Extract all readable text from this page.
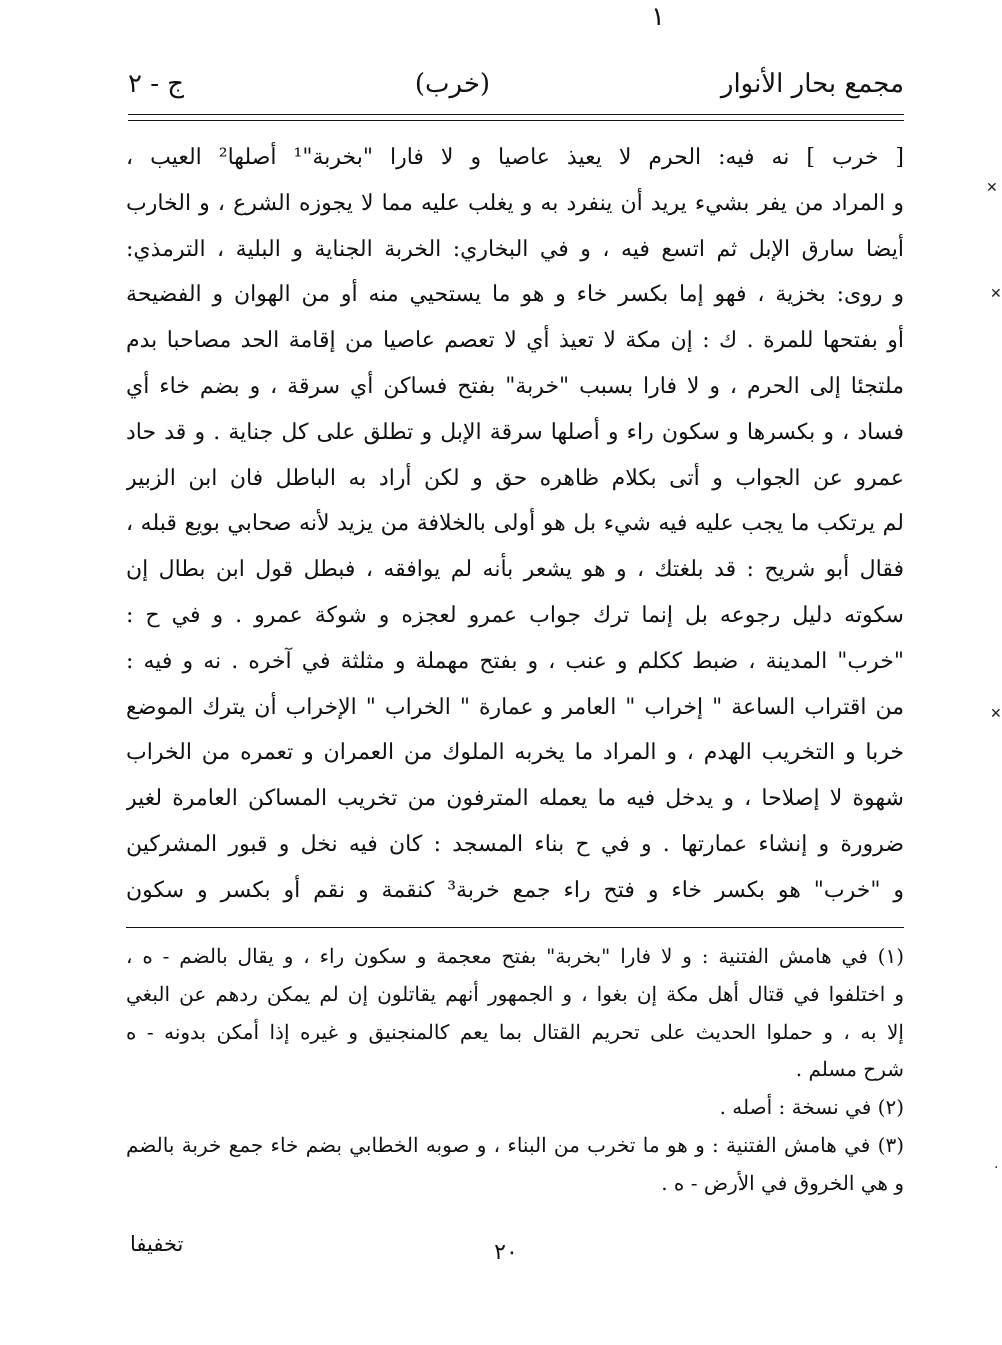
١
مجمع بحار الأنوار
(خرب)
ج - ٢
[ خرب ] نه فيه: الحرم لا يعيذ عاصيا و لا فارا "بخربة"¹ أصلها² العيب ،
و المراد من يفر بشيء يريد أن ينفرد به و يغلب عليه مما لا يجوزه الشرع ، و الخارب
أيضا سارق الإبل ثم اتسع فيه ، و في البخاري: الخربة الجناية و البلية ، الترمذي:
و روى: بخزية ، فهو إما بكسر خاء و هو ما يستحيي منه أو من الهوان و الفضيحة
أو بفتحها للمرة . ك : إن مكة لا تعيذ أي لا تعصم عاصيا من إقامة الحد مصاحبا بدم
ملتجئا إلى الحرم ، و لا فارا بسبب "خربة" بفتح فساكن أي سرقة ، و بضم خاء أي
فساد ، و بكسرها و سكون راء و أصلها سرقة الإبل و تطلق على كل جناية . و قد حاد
عمرو عن الجواب و أتى بكلام ظاهره حق و لكن أراد به الباطل فان ابن الزبير
لم يرتكب ما يجب عليه فيه شيء بل هو أولى بالخلافة من يزيد لأنه صحابي بويع قبله ،
فقال أبو شريح : قد بلغتك ، و هو يشعر بأنه لم يوافقه ، فبطل قول ابن بطال إن
سكوته دليل رجوعه بل إنما ترك جواب عمرو لعجزه و شوكة عمرو . و في ح :
"خرب" المدينة ، ضبط ككلم و عنب ، و بفتح مهملة و مثلثة في آخره . نه و فيه :
من اقتراب الساعة " إخراب " العامر و عمارة " الخراب " الإخراب أن يترك الموضع
خربا و التخريب الهدم ، و المراد ما يخربه الملوك من العمران و تعمره من الخراب
شهوة لا إصلاحا ، و يدخل فيه ما يعمله المترفون من تخريب المساكن العامرة لغير
ضرورة و إنشاء عمارتها . و في ح بناء المسجد : كان فيه نخل و قبور المشركين
و "خرب" هو بكسر خاء و فتح راء جمع خربة³ كنقمة و نقم أو بكسر و سكون
(١) في هامش الفتنية : و لا فارا "بخربة" بفتح معجمة و سكون راء ، و يقال بالضم - ه ،
و اختلفوا في قتال أهل مكة إن بغوا ، و الجمهور أنهم يقاتلون إن لم يمكن ردهم عن البغي
إلا به ، و حملوا الحديث على تحريم القتال بما يعم كالمنجنيق و غيره إذا أمكن بدونه - ه
شرح مسلم .
(٢) في نسخة : أصله .
(٣) في هامش الفتنية : و هو ما تخرب من البناء ، و صوبه الخطابي بضم خاء جمع خربة بالضم
و هي الخروق في الأرض - ه .
٢٠
تخفيفا
✕
✕
✕
·
